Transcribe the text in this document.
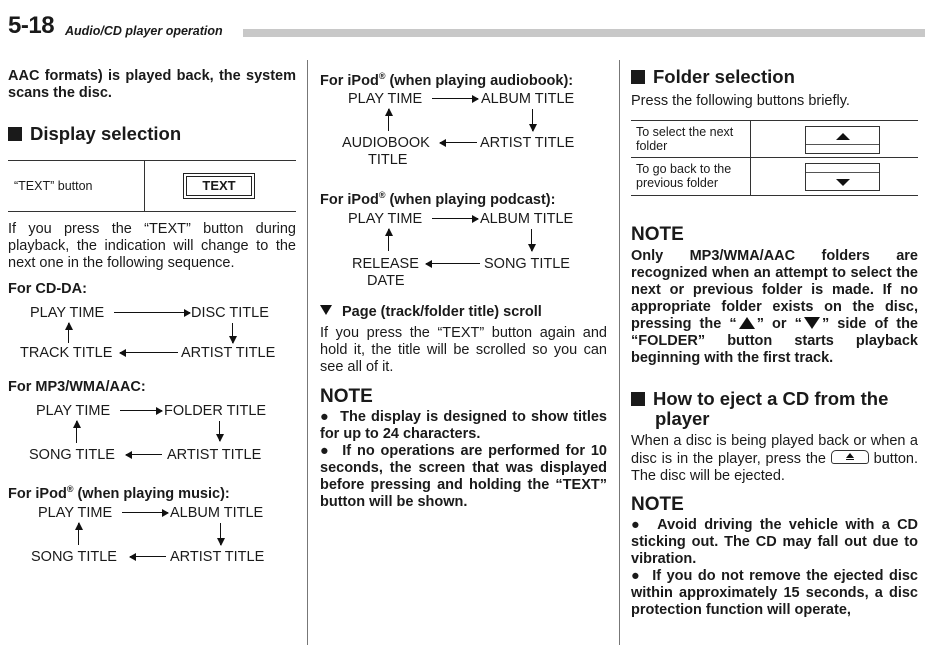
5-18 Audio/CD player operation
AAC formats) is played back, the system scans the disc.
Display selection
“TEXT” button	TEXT
If you press the “TEXT” button during playback, the indication will change to the next one in the following sequence.
For CD-DA:
PLAY TIME	DISC TITLE
ARTIST TITLE
TRACK TITLE
For MP3/WMA/AAC:
PLAY TIME	FOLDER TITLE
ARTIST TITLE
SONG TITLE
For iPod® (when playing music):
PLAY TIME	ALBUM TITLE
ARTIST TITLE
SONG TITLE
For iPod® (when playing audiobook):
PLAY TIME	ALBUM TITLE
ARTIST TITLE
AUDIOBOOK
TITLE
For iPod® (when playing podcast):
PLAY TIME	ALBUM TITLE
SONG TITLE
RELEASE
DATE
Page (track/folder title) scroll
If you press the “TEXT” button again and hold it, the title will be scrolled so you can see all of it.
NOTE
●  The display is designed to show titles for up to 24 characters.
●  If no operations are performed for 10 seconds, the screen that was displayed before pressing and holding the “TEXT” button will be shown.
Folder selection
Press the following buttons briefly.
To select the next folder
To go back to the previous folder
NOTE
Only MP3/WMA/AAC folders are recognized when an attempt to select the next or previous folder is made. If no appropriate folder exists on the disc, pressing the “ ” or “ ” side of the “FOLDER” button starts playback beginning with the first track.
How to eject a CD from the
player
When a disc is being played back or when a disc is in the player, press the	button. The disc will be ejected.
NOTE
●  Avoid driving the vehicle with a CD sticking out. The CD may fall out due to vibration.
●  If you do not remove the ejected disc within approximately 15 seconds, a disc protection function will operate,
